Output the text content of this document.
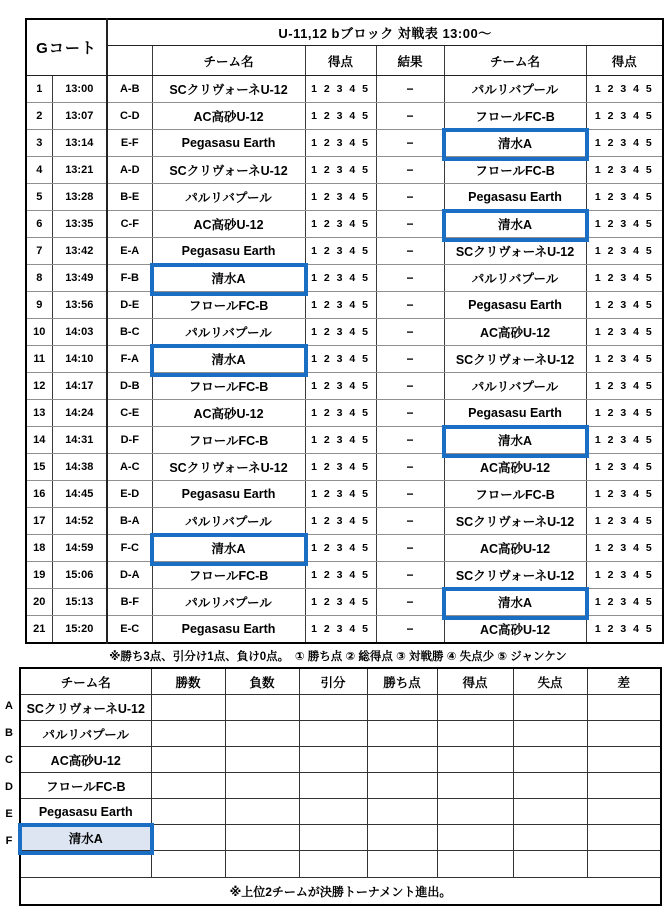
Gコート		U-11,12 bブロック 対戦表 13:00～					
			チーム名	得点	結果	チーム名	得点
1	13:00	A-B	SCクリヴォーネU-12	1 2 3 4 5	−	パルリバプール	1 2 3 4 5
2	13:07	C-D	AC高砂U-12	1 2 3 4 5	−	フロールFC-B	1 2 3 4 5
3	13:14	E-F	Pegasasu Earth	1 2 3 4 5	−	清水A	1 2 3 4 5
4	13:21	A-D	SCクリヴォーネU-12	1 2 3 4 5	−	フロールFC-B	1 2 3 4 5
5	13:28	B-E	パルリバプール	1 2 3 4 5	−	Pegasasu Earth	1 2 3 4 5
6	13:35	C-F	AC高砂U-12	1 2 3 4 5	−	清水A	1 2 3 4 5
7	13:42	E-A	Pegasasu Earth	1 2 3 4 5	−	SCクリヴォーネU-12	1 2 3 4 5
8	13:49	F-B	清水A	1 2 3 4 5	−	パルリバプール	1 2 3 4 5
9	13:56	D-E	フロールFC-B	1 2 3 4 5	−	Pegasasu Earth	1 2 3 4 5
10	14:03	B-C	パルリバプール	1 2 3 4 5	−	AC高砂U-12	1 2 3 4 5
11	14:10	F-A	清水A	1 2 3 4 5	−	SCクリヴォーネU-12	1 2 3 4 5
12	14:17	D-B	フロールFC-B	1 2 3 4 5	−	パルリバプール	1 2 3 4 5
13	14:24	C-E	AC高砂U-12	1 2 3 4 5	−	Pegasasu Earth	1 2 3 4 5
14	14:31	D-F	フロールFC-B	1 2 3 4 5	−	清水A	1 2 3 4 5
15	14:38	A-C	SCクリヴォーネU-12	1 2 3 4 5	−	AC高砂U-12	1 2 3 4 5
16	14:45	E-D	Pegasasu Earth	1 2 3 4 5	−	フロールFC-B	1 2 3 4 5
17	14:52	B-A	パルリバプール	1 2 3 4 5	−	SCクリヴォーネU-12	1 2 3 4 5
18	14:59	F-C	清水A	1 2 3 4 5	−	AC高砂U-12	1 2 3 4 5
19	15:06	D-A	フロールFC-B	1 2 3 4 5	−	SCクリヴォーネU-12	1 2 3 4 5
20	15:13	B-F	パルリバプール	1 2 3 4 5	−	清水A	1 2 3 4 5
21	15:20	E-C	Pegasasu Earth	1 2 3 4 5	−	AC高砂U-12	1 2 3 4 5
※勝ち3点、引分け1点、負け0点。　① 勝ち点 ② 総得点 ③ 対戦勝 ④ 失点少 ⑤ ジャンケン
チーム名	勝数	負数	引分	勝ち点	得点	失点	差
SCクリヴォーネU-12							
パルリバプール							
AC高砂U-12							
フロールFC-B							
Pegasasu Earth							
清水A							

※上位2チームが決勝トーナメント進出。							
A
B
C
D
E
F
